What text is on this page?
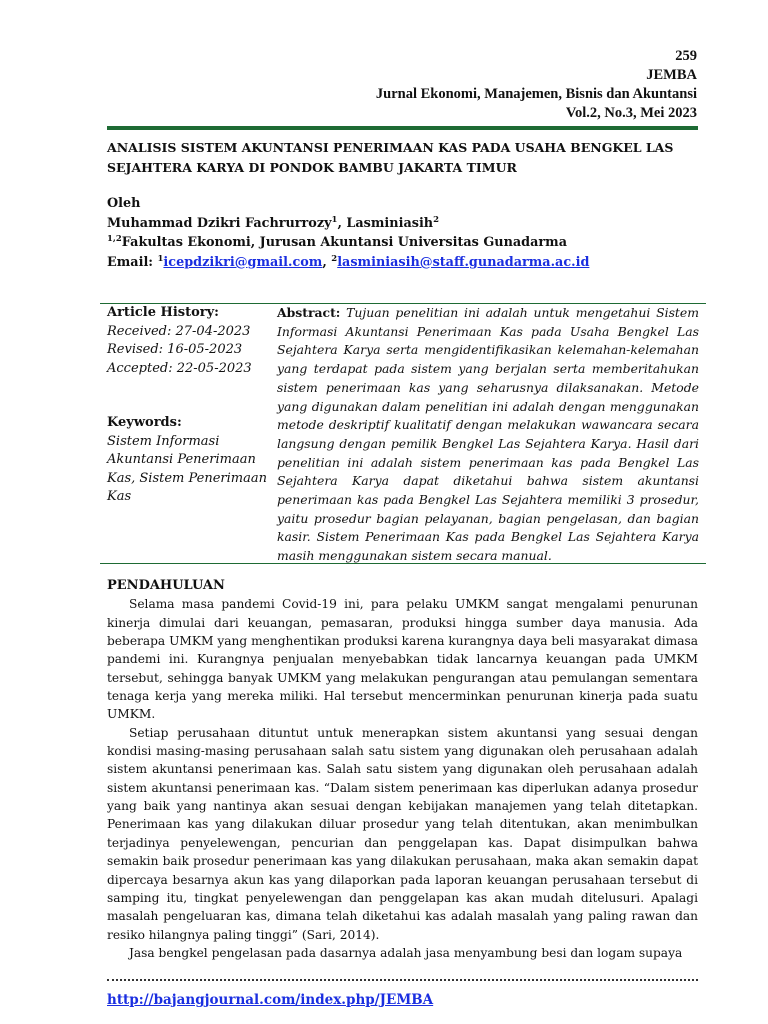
259
JEMBA
Jurnal Ekonomi, Manajemen, Bisnis dan Akuntansi
Vol.2, No.3, Mei 2023
ANALISIS SISTEM AKUNTANSI PENERIMAAN KAS PADA USAHA BENGKEL LAS SEJAHTERA KARYA DI PONDOK BAMBU JAKARTA TIMUR
Oleh
Muhammad Dzikri Fachrurrozy$^1$, Lasminiasih$^2$
$^{1,2}$Fakultas Ekonomi, Jurusan Akuntansi Universitas Gunadarma
Email: $^1$icepdzikri@gmail.com, $^2$lasminiasih@staff.gunadarma.ac.id
Article History:
Received: 27-04-2023
Revised: 16-05-2023
Accepted: 22-05-2023
Keywords:
Sistem Informasi Akuntansi Penerimaan Kas, Sistem Penerimaan Kas
Abstract: Tujuan penelitian ini adalah untuk mengetahui Sistem Informasi Akuntansi Penerimaan Kas pada Usaha Bengkel Las Sejahtera Karya serta mengidentifikasikan kelemahan-kelemahan yang terdapat pada sistem yang berjalan serta memberitahukan sistem penerimaan kas yang seharusnya dilaksanakan. Metode yang digunakan dalam penelitian ini adalah dengan menggunakan metode deskriptif kualitatif dengan melakukan wawancara secara langsung dengan pemilik Bengkel Las Sejahtera Karya. Hasil dari penelitian ini adalah sistem penerimaan kas pada Bengkel Las Sejahtera Karya dapat diketahui bahwa sistem akuntansi penerimaan kas pada Bengkel Las Sejahtera memiliki 3 prosedur, yaitu prosedur bagian pelayanan, bagian pengelasan, dan bagian kasir. Sistem Penerimaan Kas pada Bengkel Las Sejahtera Karya masih menggunakan sistem secara manual.
PENDAHULUAN

Selama masa pandemi Covid-19 ini, para pelaku UMKM sangat mengalami penurunan kinerja dimulai dari keuangan, pemasaran, produksi hingga sumber daya manusia. Ada beberapa UMKM yang menghentikan produksi karena kurangnya daya beli masyarakat dimasa pandemi ini. Kurangnya penjualan menyebabkan tidak lancarnya keuangan pada UMKM tersebut, sehingga banyak UMKM yang melakukan pengurangan atau pemulangan sementara tenaga kerja yang mereka miliki. Hal tersebut mencerminkan penurunan kinerja pada suatu UMKM.

Setiap perusahaan dituntut untuk menerapkan sistem akuntansi yang sesuai dengan kondisi masing-masing perusahaan salah satu sistem yang digunakan oleh perusahaan adalah sistem akuntansi penerimaan kas. Salah satu sistem yang digunakan oleh perusahaan adalah sistem akuntansi penerimaan kas. “Dalam sistem penerimaan kas diperlukan adanya prosedur yang baik yang nantinya akan sesuai dengan kebijakan manajemen yang telah ditetapkan. Penerimaan kas yang dilakukan diluar prosedur yang telah ditentukan, akan menimbulkan terjadinya penyelewengan, pencurian dan penggelapan kas. Dapat disimpulkan bahwa semakin baik prosedur penerimaan kas yang dilakukan perusahaan, maka akan semakin dapat dipercaya besarnya akun kas yang dilaporkan pada laporan keuangan perusahaan tersebut di samping itu, tingkat penyelewengan dan penggelapan kas akan mudah ditelusuri. Apalagi masalah pengeluaran kas, dimana telah diketahui kas adalah masalah yang paling rawan dan resiko hilangnya paling tinggi” (Sari, 2014).

Jasa bengkel pengelasan pada dasarnya adalah jasa menyambung besi dan logam supaya

http://bajangjournal.com/index.php/JEMBA
